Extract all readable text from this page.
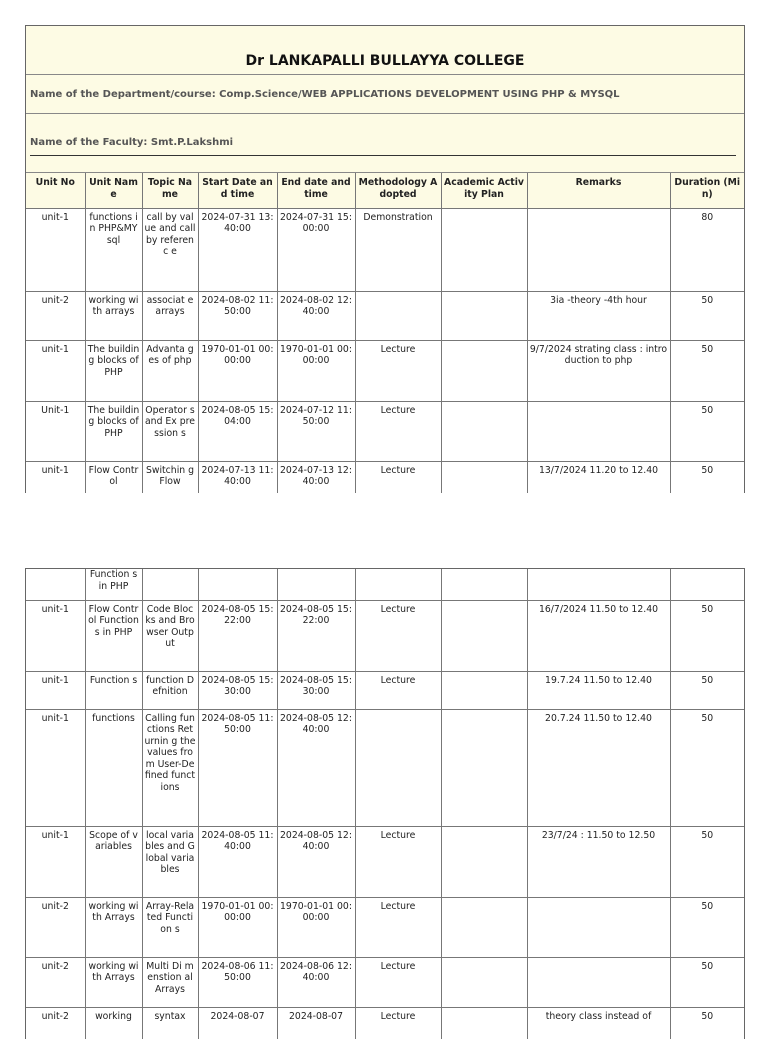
Dr LANKAPALLI BULLAYYA COLLEGE
Name of the Department/course: Comp.Science/WEB APPLICATIONS DEVELOPMENT USING PHP & MYSQL
Name of the Faculty: Smt.P.Lakshmi
Unit No	Unit Name	Topic Name	Start Date and time	End date and time	Methodology Adopted	Academic Activity Plan	Remarks	Duration (Min)
unit-1	functions in PHP&MY sql	call by value and call by referenc e	2024-07-31 13:40:00	2024-07-31 15:00:00	Demonstration			80
unit-2	working with arrays	associat e arrays	2024-08-02 11:50:00	2024-08-02 12:40:00			3ia -theory -4th hour	50
unit-1	The building blocks of PHP	Advanta ges of php	1970-01-01 00:00:00	1970-01-01 00:00:00	Lecture		9/7/2024 strating class : introduction to php	50
Unit-1	The building blocks of PHP	Operator s and Ex pression s	2024-08-05 15:04:00	2024-07-12 11:50:00	Lecture			50
unit-1	Flow Control	Switchin g Flow	2024-07-13 11:40:00	2024-07-13 12:40:00	Lecture		13/7/2024 11.20 to 12.40	50
	Function s in PHP							
unit-1	Flow Control Function s in PHP	Code Blocks and Browser Output	2024-08-05 15:22:00	2024-08-05 15:22:00	Lecture		16/7/2024 11.50 to 12.40	50
unit-1	Function s	function Defnition	2024-08-05 15:30:00	2024-08-05 15:30:00	Lecture		19.7.24 11.50 to 12.40	50
unit-1	functions	Calling functions Returnin g the values from User-Defined functions	2024-08-05 11:50:00	2024-08-05 12:40:00			20.7.24 11.50 to 12.40	50
unit-1	Scope of variables	local variables and Global variables	2024-08-05 11:40:00	2024-08-05 12:40:00	Lecture		23/7/24 : 11.50 to 12.50	50
unit-2	working with Arrays	Array-Related Function s	1970-01-01 00:00:00	1970-01-01 00:00:00	Lecture			50
unit-2	working with Arrays	Multi Di menstion al Arrays	2024-08-06 11:50:00	2024-08-06 12:40:00	Lecture			50
unit-2	working	syntax	2024-08-07	2024-08-07	Lecture		theory class instead of	50
